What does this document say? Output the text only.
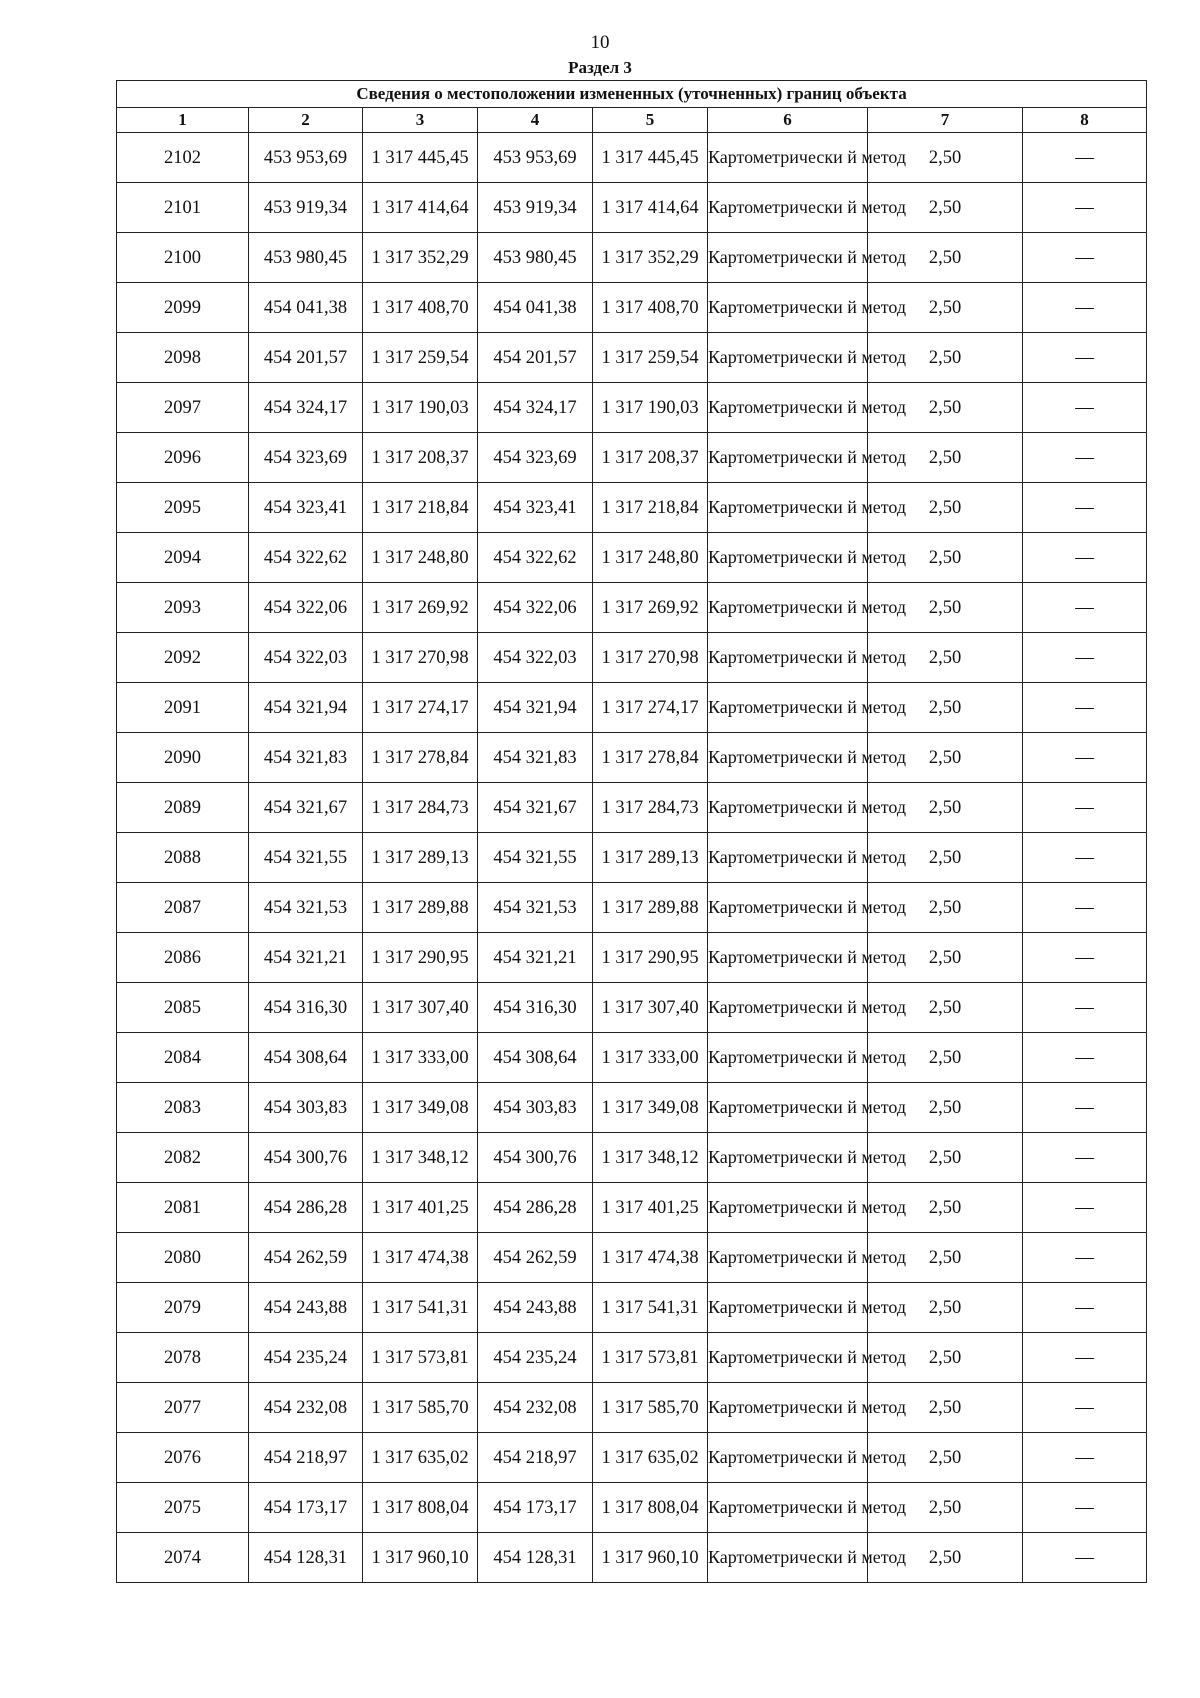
10
Раздел 3
Сведения о местоположении измененных (уточненных) границ объекта							
1	2	3	4	5	6	7	8
2102	453 953,69	1 317 445,45	453 953,69	1 317 445,45	Картометрически й метод	2,50	—
2101	453 919,34	1 317 414,64	453 919,34	1 317 414,64	Картометрически й метод	2,50	—
2100	453 980,45	1 317 352,29	453 980,45	1 317 352,29	Картометрически й метод	2,50	—
2099	454 041,38	1 317 408,70	454 041,38	1 317 408,70	Картометрически й метод	2,50	—
2098	454 201,57	1 317 259,54	454 201,57	1 317 259,54	Картометрически й метод	2,50	—
2097	454 324,17	1 317 190,03	454 324,17	1 317 190,03	Картометрически й метод	2,50	—
2096	454 323,69	1 317 208,37	454 323,69	1 317 208,37	Картометрически й метод	2,50	—
2095	454 323,41	1 317 218,84	454 323,41	1 317 218,84	Картометрически й метод	2,50	—
2094	454 322,62	1 317 248,80	454 322,62	1 317 248,80	Картометрически й метод	2,50	—
2093	454 322,06	1 317 269,92	454 322,06	1 317 269,92	Картометрически й метод	2,50	—
2092	454 322,03	1 317 270,98	454 322,03	1 317 270,98	Картометрически й метод	2,50	—
2091	454 321,94	1 317 274,17	454 321,94	1 317 274,17	Картометрически й метод	2,50	—
2090	454 321,83	1 317 278,84	454 321,83	1 317 278,84	Картометрически й метод	2,50	—
2089	454 321,67	1 317 284,73	454 321,67	1 317 284,73	Картометрически й метод	2,50	—
2088	454 321,55	1 317 289,13	454 321,55	1 317 289,13	Картометрически й метод	2,50	—
2087	454 321,53	1 317 289,88	454 321,53	1 317 289,88	Картометрически й метод	2,50	—
2086	454 321,21	1 317 290,95	454 321,21	1 317 290,95	Картометрически й метод	2,50	—
2085	454 316,30	1 317 307,40	454 316,30	1 317 307,40	Картометрически й метод	2,50	—
2084	454 308,64	1 317 333,00	454 308,64	1 317 333,00	Картометрически й метод	2,50	—
2083	454 303,83	1 317 349,08	454 303,83	1 317 349,08	Картометрически й метод	2,50	—
2082	454 300,76	1 317 348,12	454 300,76	1 317 348,12	Картометрически й метод	2,50	—
2081	454 286,28	1 317 401,25	454 286,28	1 317 401,25	Картометрически й метод	2,50	—
2080	454 262,59	1 317 474,38	454 262,59	1 317 474,38	Картометрически й метод	2,50	—
2079	454 243,88	1 317 541,31	454 243,88	1 317 541,31	Картометрически й метод	2,50	—
2078	454 235,24	1 317 573,81	454 235,24	1 317 573,81	Картометрически й метод	2,50	—
2077	454 232,08	1 317 585,70	454 232,08	1 317 585,70	Картометрически й метод	2,50	—
2076	454 218,97	1 317 635,02	454 218,97	1 317 635,02	Картометрически й метод	2,50	—
2075	454 173,17	1 317 808,04	454 173,17	1 317 808,04	Картометрически й метод	2,50	—
2074	454 128,31	1 317 960,10	454 128,31	1 317 960,10	Картометрически й метод	2,50	—
